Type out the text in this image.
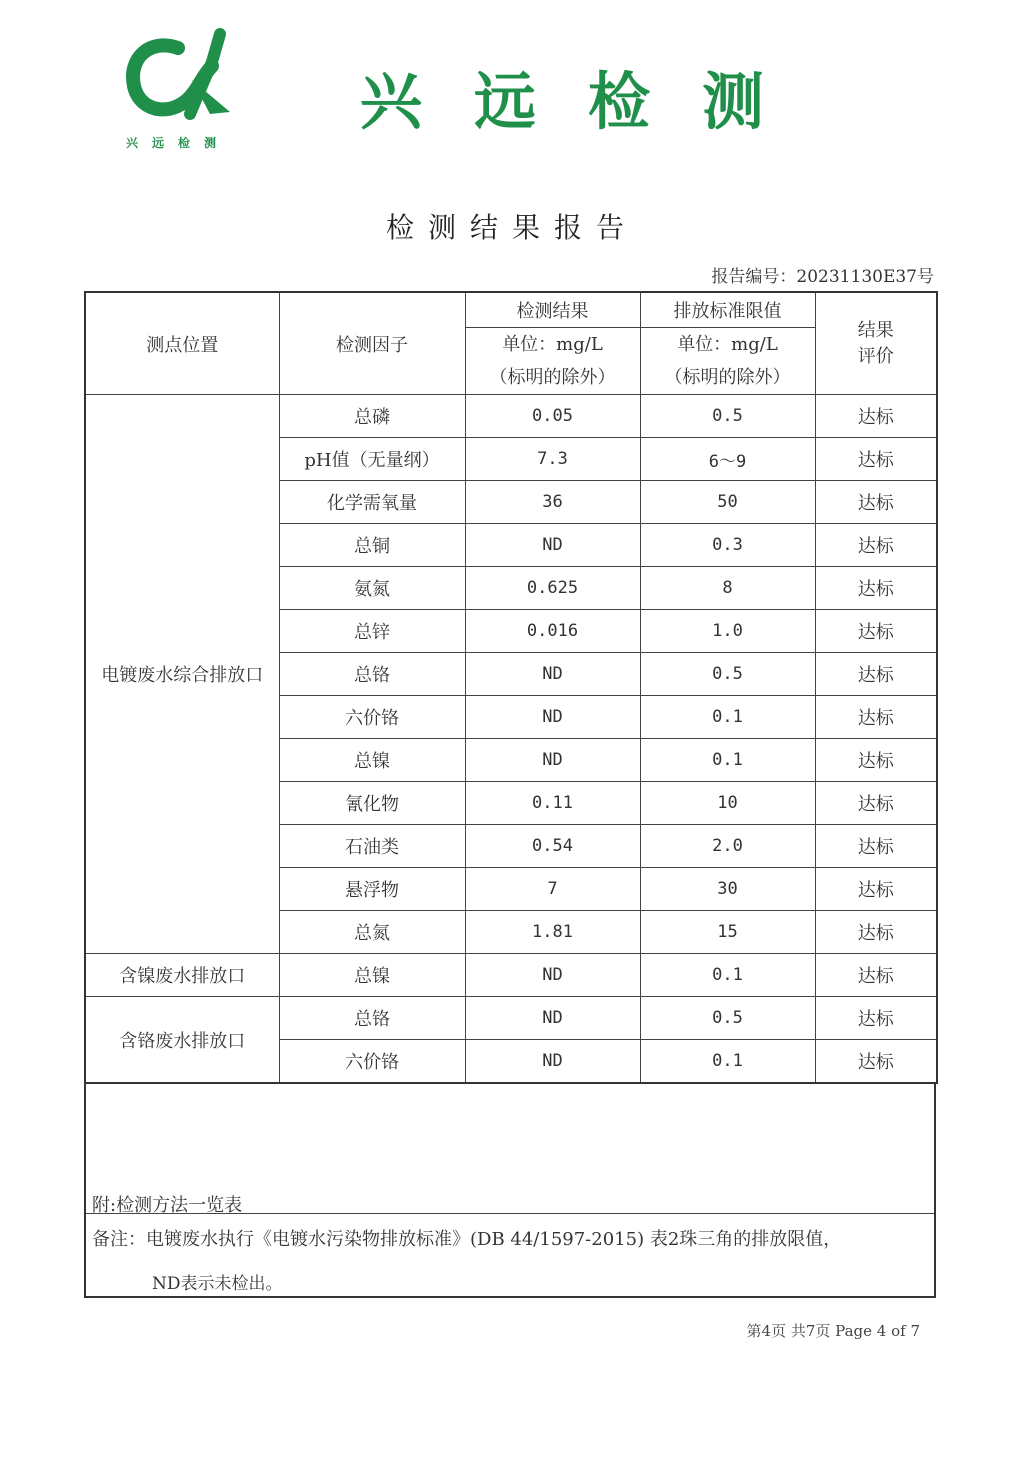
兴远检测
兴远检测
检测结果报告
报告编号：20231130E37号
测点位置	检测因子	检测结果	排放标准限值	结果评价

		单位：mg/L	单位：mg/L	

		（标明的除外）	（标明的除外）	

电镀废水综合排放口	总磷	0.05	0.5	达标
	pH值（无量纲）	7.3	6～9	达标
	化学需氧量	36	50	达标
	总铜	ND	0.3	达标
	氨氮	0.625	8	达标
	总锌	0.016	1.0	达标
	总铬	ND	0.5	达标
	六价铬	ND	0.1	达标
	总镍	ND	0.1	达标
	氰化物	0.11	10	达标
	石油类	0.54	2.0	达标
	悬浮物	7	30	达标
	总氮	1.81	15	达标
含镍废水排放口	总镍	ND	0.1	达标
含铬废水排放口	总铬	ND	0.5	达标
	六价铬	ND	0.1	达标
附:检测方法一览表
备注：电镀废水执行《电镀水污染物排放标准》(DB 44/1597-2015) 表2珠三角的排放限值，
ND表示未检出。
第4页 共7页 Page 4 of 7
